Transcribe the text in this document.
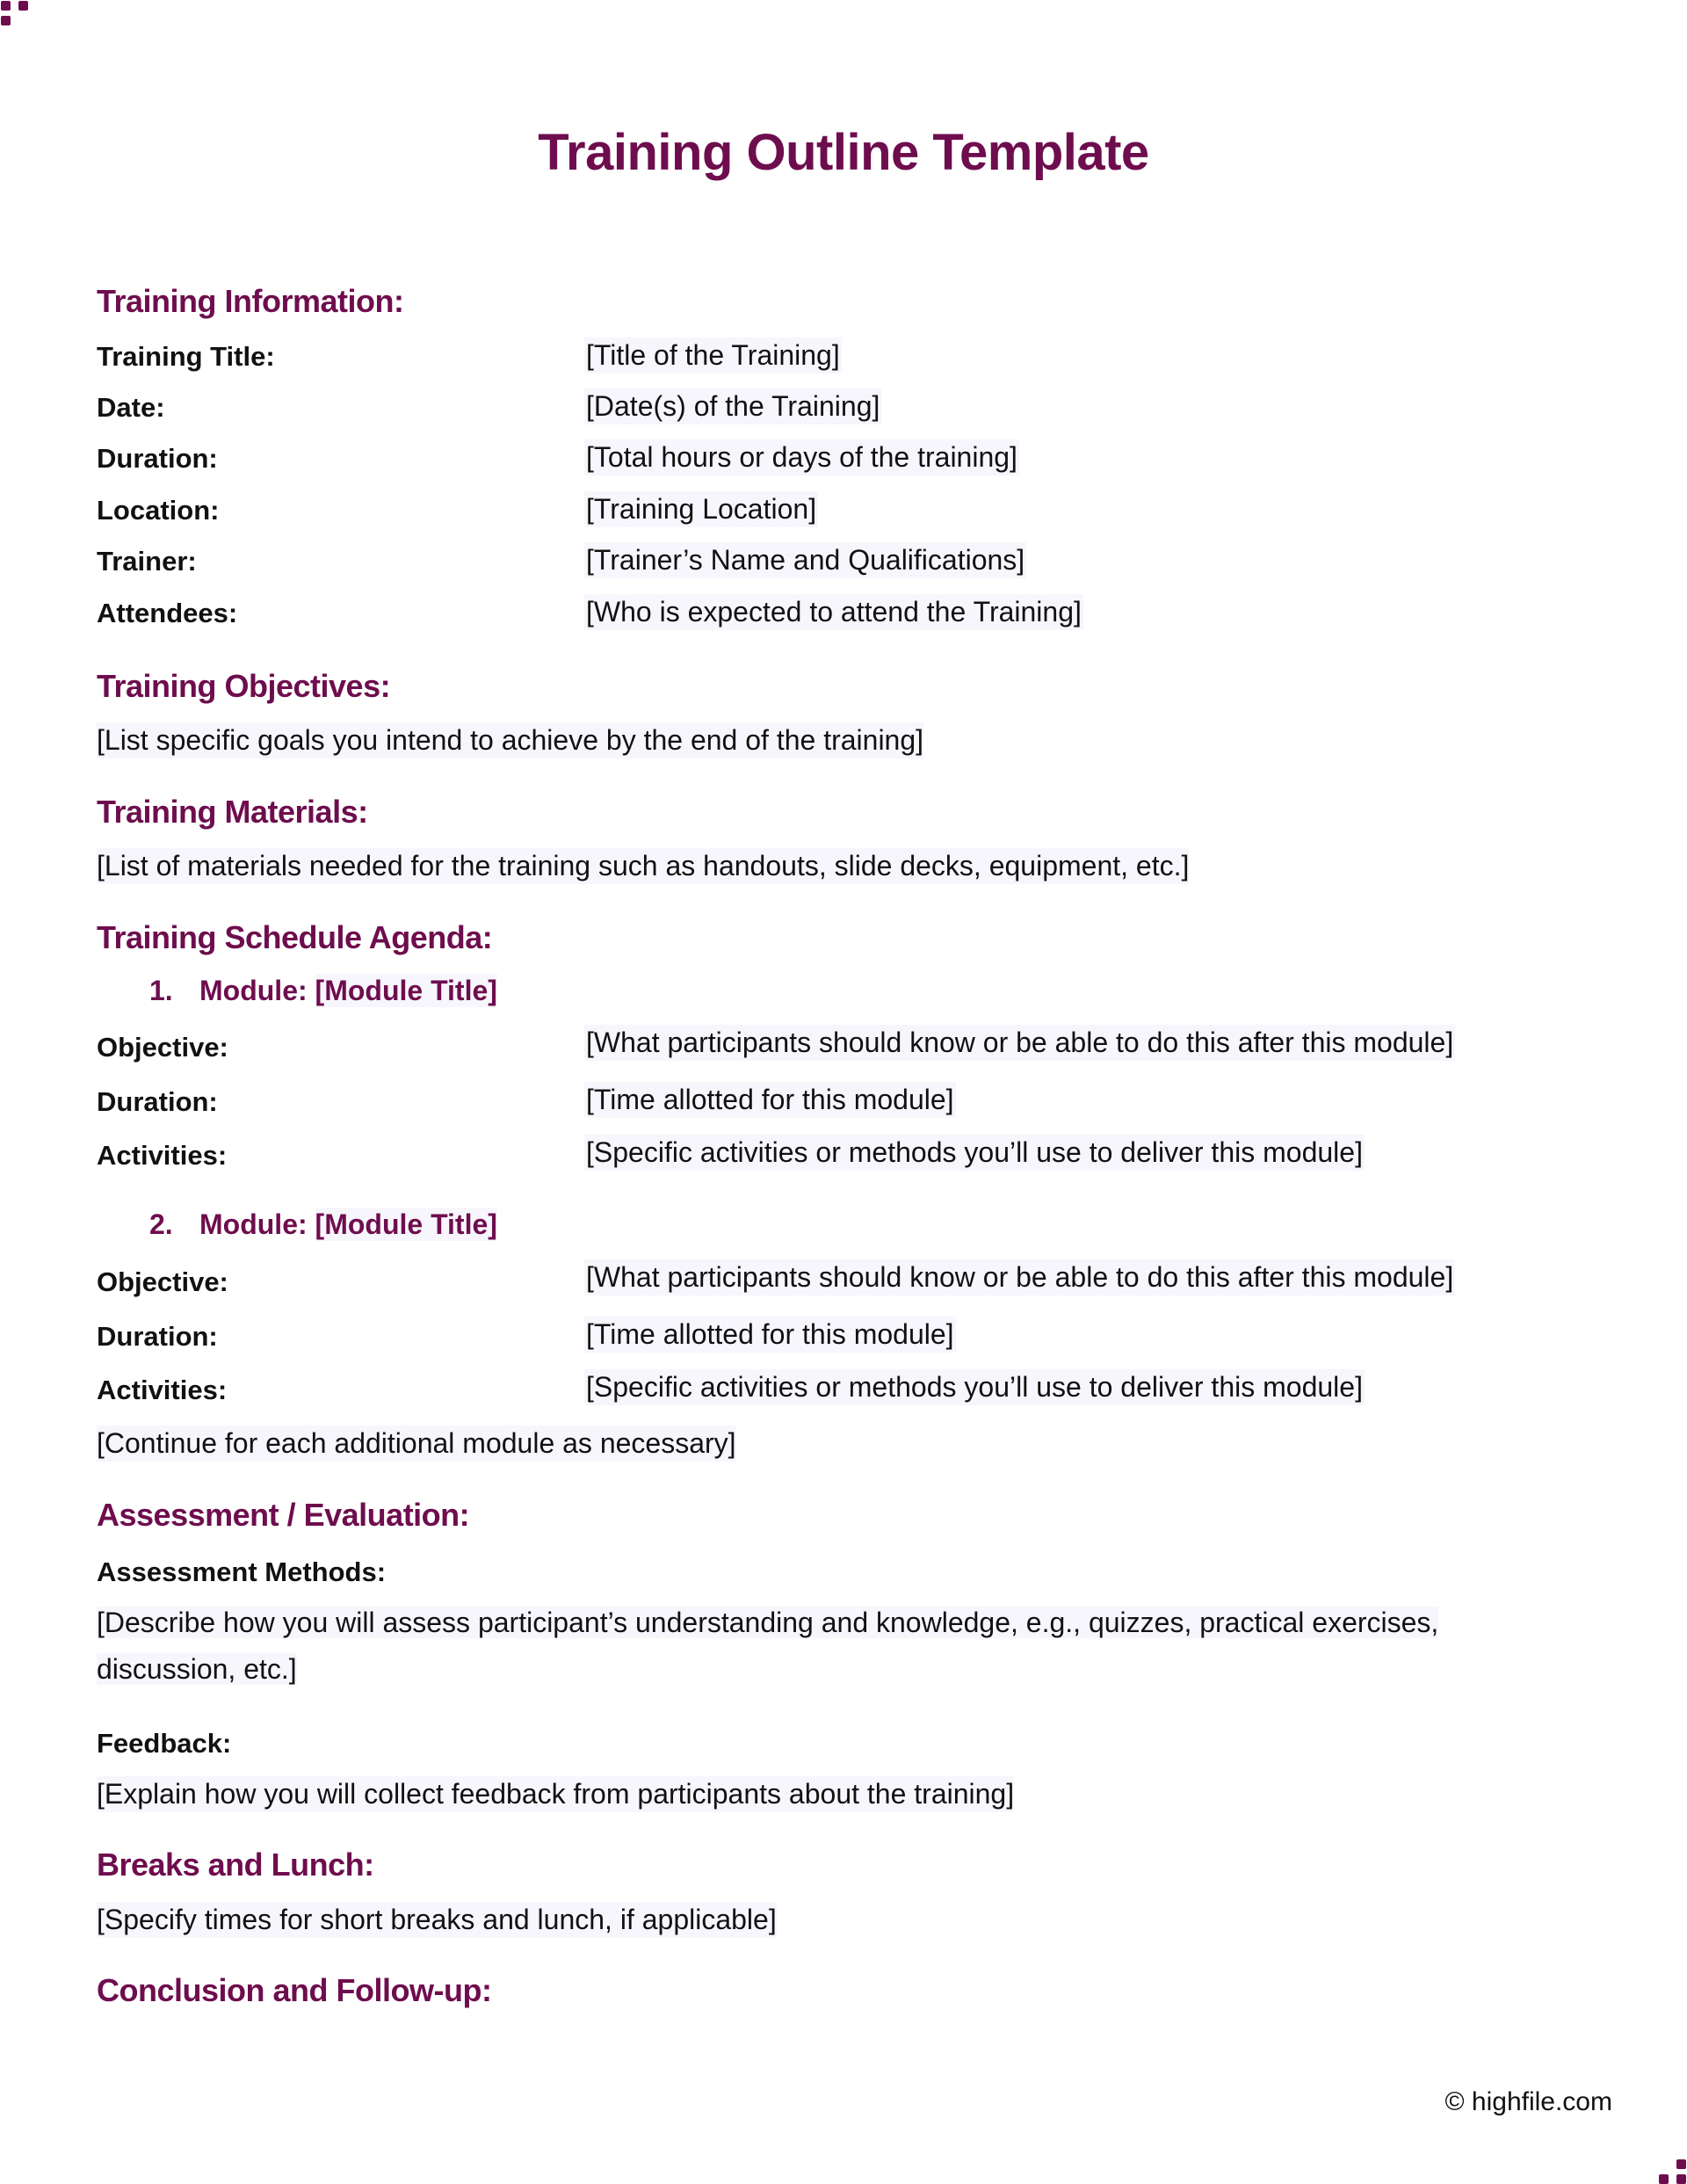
Training Outline Template
Training Information:
Training Title:	[Title of the Training]
Date:	[Date(s) of the Training]
Duration:	[Total hours or days of the training]
Location:	[Training Location]
Trainer:	[Trainer’s Name and Qualifications]
Attendees:	[Who is expected to attend the Training]
Training Objectives:
[List specific goals you intend to achieve by the end of the training]
Training Materials:
[List of materials needed for the training such as handouts, slide decks, equipment, etc.]
Training Schedule Agenda:
1. Module: [Module Title]
Objective:	[What participants should know or be able to do this after this module]
Duration:	[Time allotted for this module]
Activities:	[Specific activities or methods you’ll use to deliver this module]
2. Module: [Module Title]
Objective:	[What participants should know or be able to do this after this module]
Duration:	[Time allotted for this module]
Activities:	[Specific activities or methods you’ll use to deliver this module]
[Continue for each additional module as necessary]
Assessment / Evaluation:
Assessment Methods:
[Describe how you will assess participant’s understanding and knowledge, e.g., quizzes, practical exercises, discussion, etc.]
Feedback:
[Explain how you will collect feedback from participants about the training]
Breaks and Lunch:
[Specify times for short breaks and lunch, if applicable]
Conclusion and Follow-up:
© highfile.com
